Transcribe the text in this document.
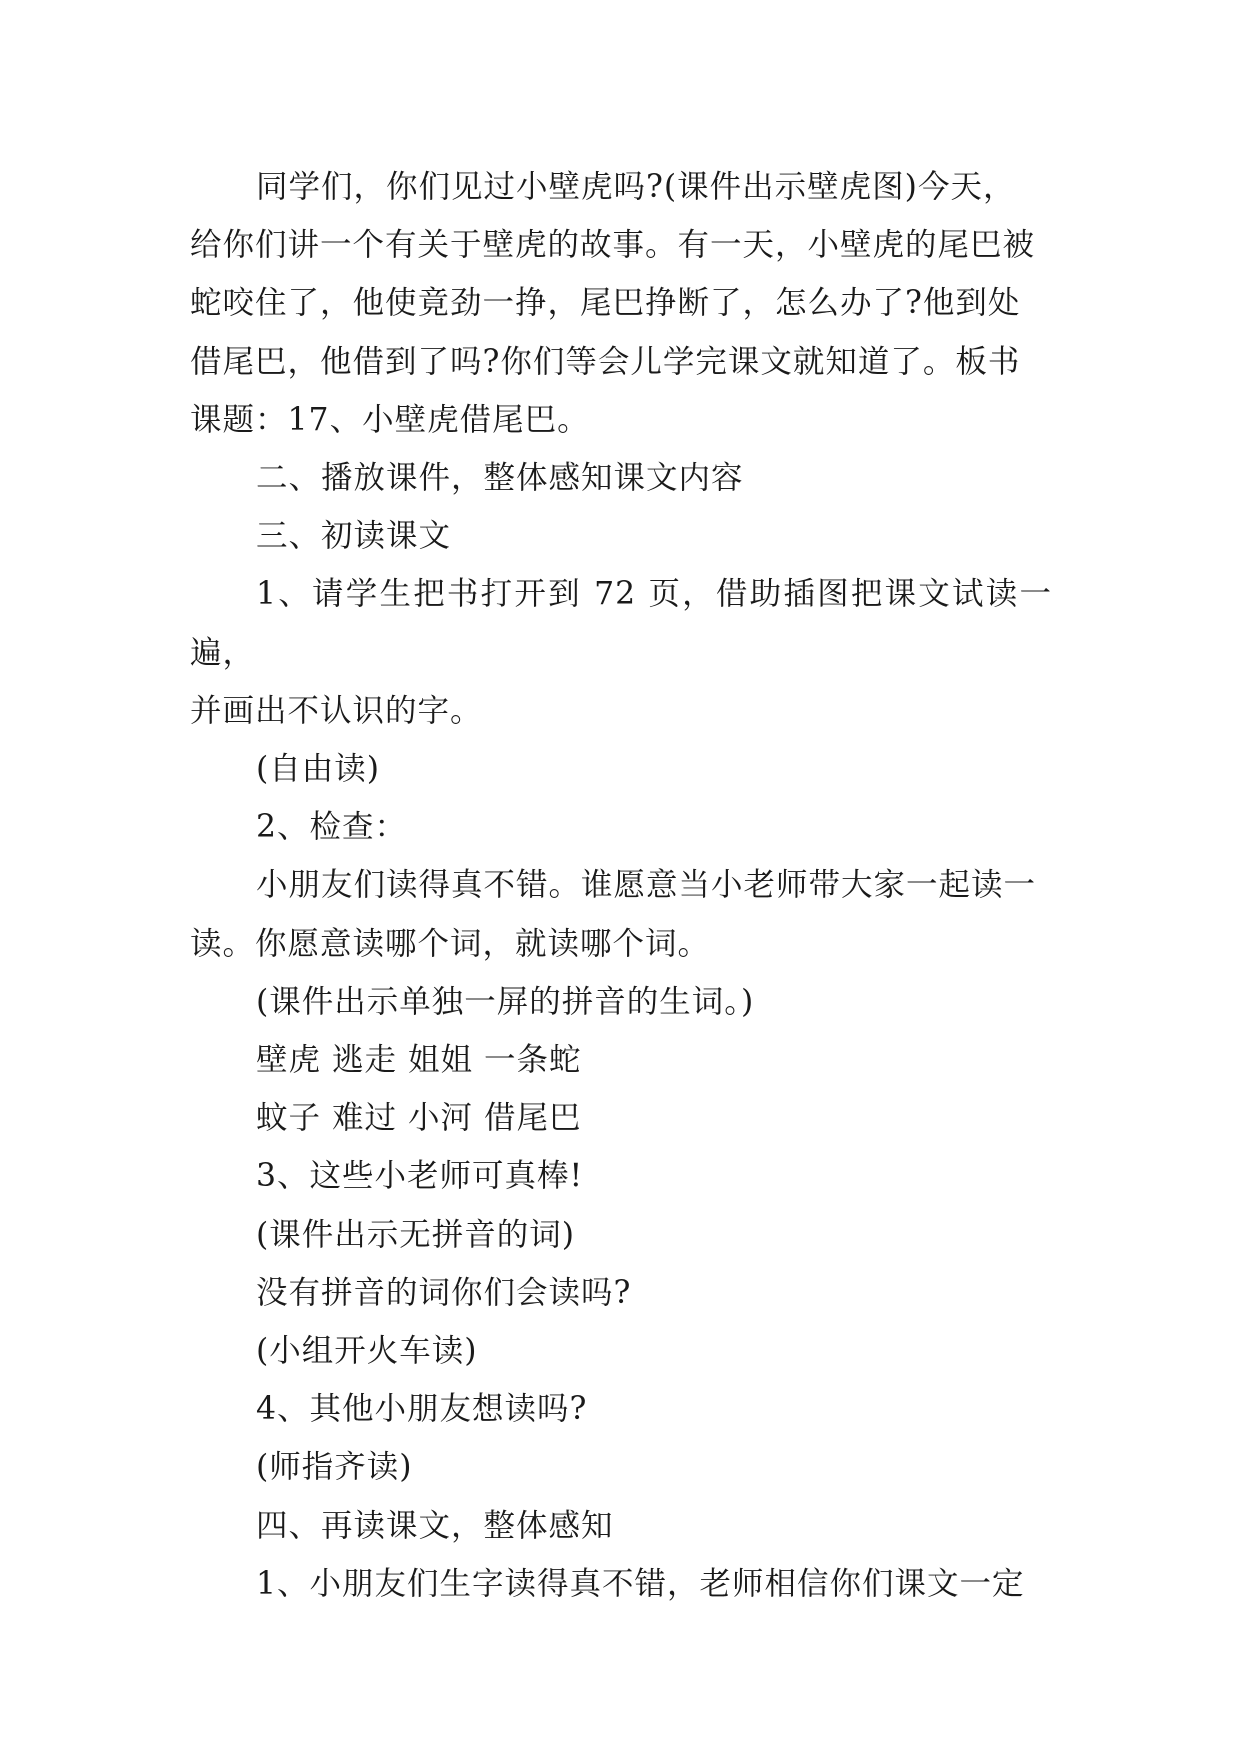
同学们，你们见过小壁虎吗?(课件出示壁虎图)今天，
给你们讲一个有关于壁虎的故事。有一天，小壁虎的尾巴被
蛇咬住了，他使竟劲一挣，尾巴挣断了，怎么办了?他到处
借尾巴，他借到了吗?你们等会儿学完课文就知道了。板书
课题：17、小壁虎借尾巴。
二、播放课件，整体感知课文内容
三、初读课文
1、请学生把书打开到 72 页，借助插图把课文试读一遍，
并画出不认识的字。
(自由读)
2、检查：
小朋友们读得真不错。谁愿意当小老师带大家一起读一
读。你愿意读哪个词，就读哪个词。
(课件出示单独一屏的拼音的生词。)
壁虎 逃走 姐姐 一条蛇
蚊子 难过 小河 借尾巴
3、这些小老师可真棒!
(课件出示无拼音的词)
没有拼音的词你们会读吗?
(小组开火车读)
4、其他小朋友想读吗?
(师指齐读)
四、再读课文，整体感知
1、小朋友们生字读得真不错，老师相信你们课文一定
